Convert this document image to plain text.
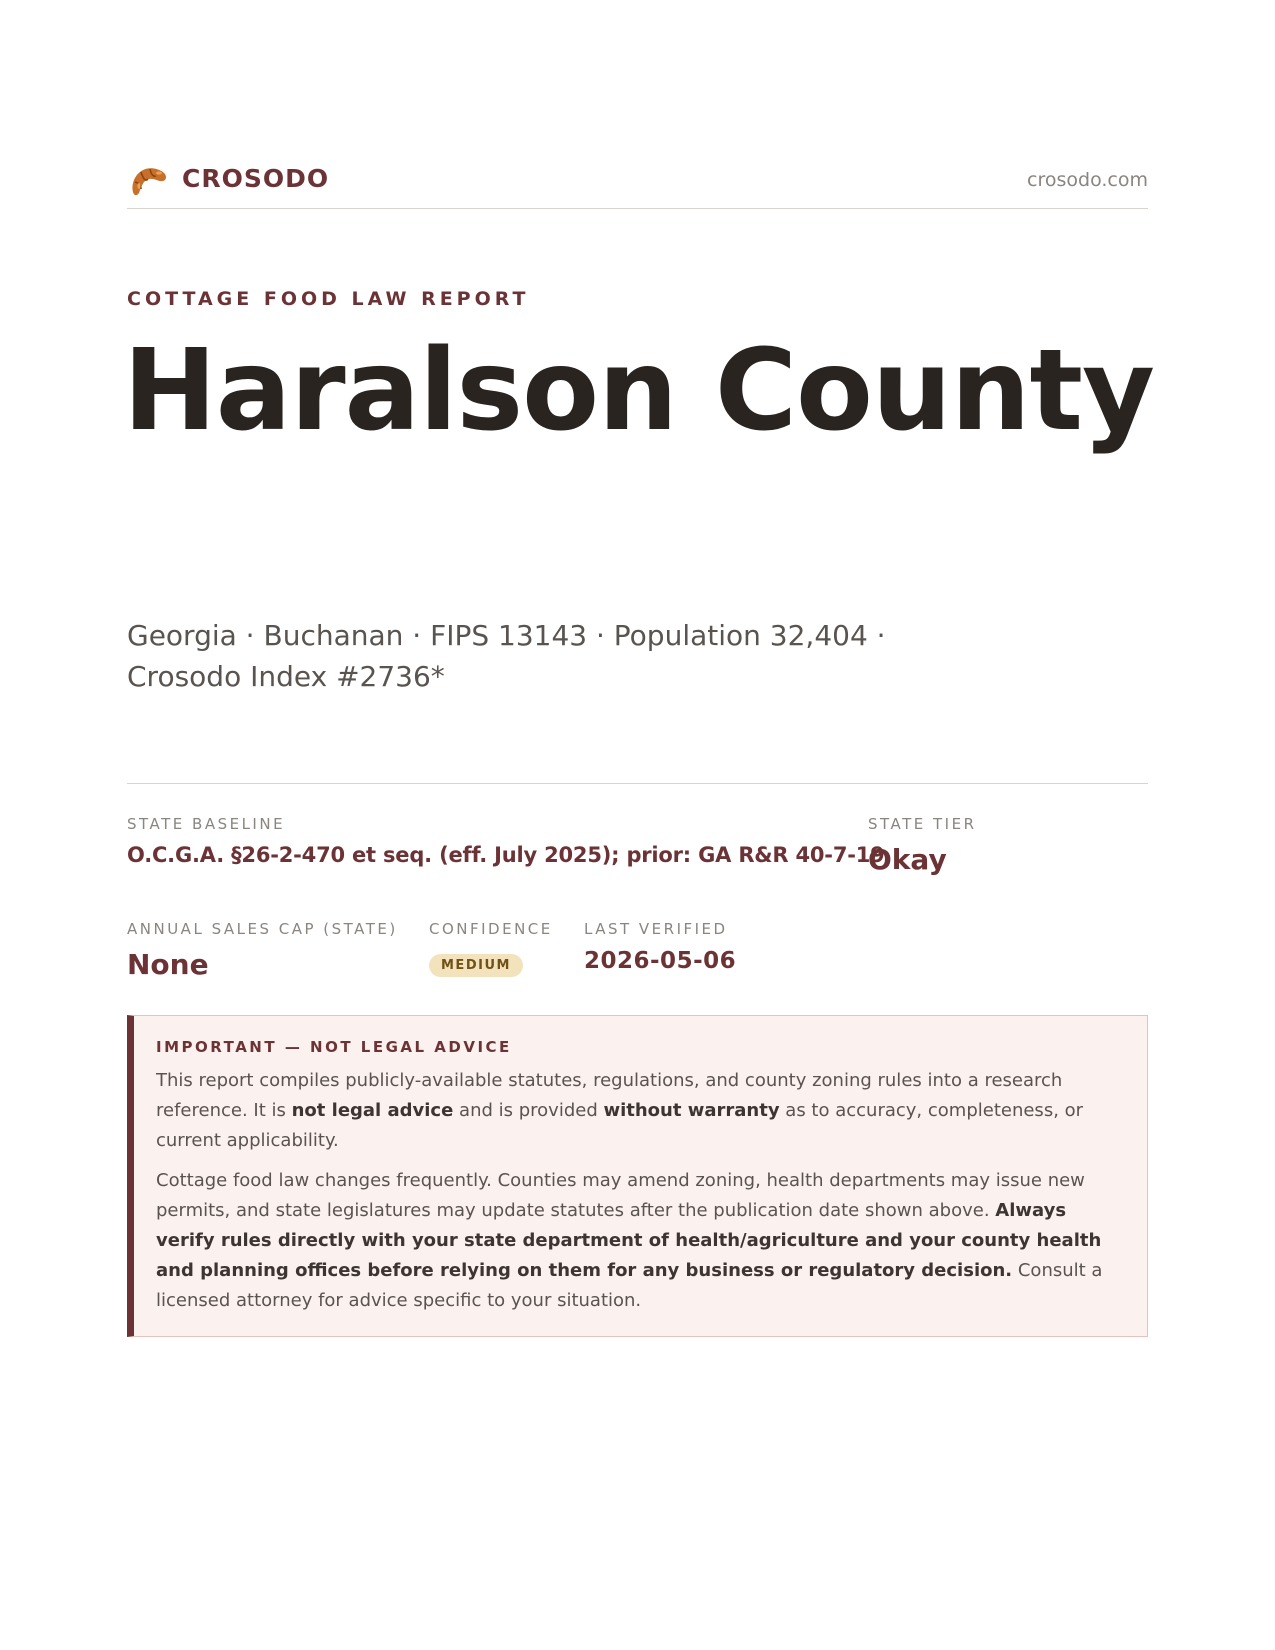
CROSODO	crosodo.com
COTTAGE FOOD LAW REPORT
Haralson County
Georgia · Buchanan · FIPS 13143 · Population 32,404 · Crosodo Index #2736*
STATE BASELINE
O.C.G.A. §26-2-470 et seq. (eff. July 2025); prior: GA R&R 40-7-19
STATE TIER
Okay
ANNUAL SALES CAP (STATE)
None
CONFIDENCE
MEDIUM
LAST VERIFIED
2026-05-06
IMPORTANT — NOT LEGAL ADVICE

This report compiles publicly-available statutes, regulations, and county zoning rules into a research reference. It is not legal advice and is provided without warranty as to accuracy, completeness, or current applicability.

Cottage food law changes frequently. Counties may amend zoning, health departments may issue new permits, and state legislatures may update statutes after the publication date shown above. Always verify rules directly with your state department of health/agriculture and your county health and planning offices before relying on them for any business or regulatory decision. Consult a licensed attorney for advice specific to your situation.
